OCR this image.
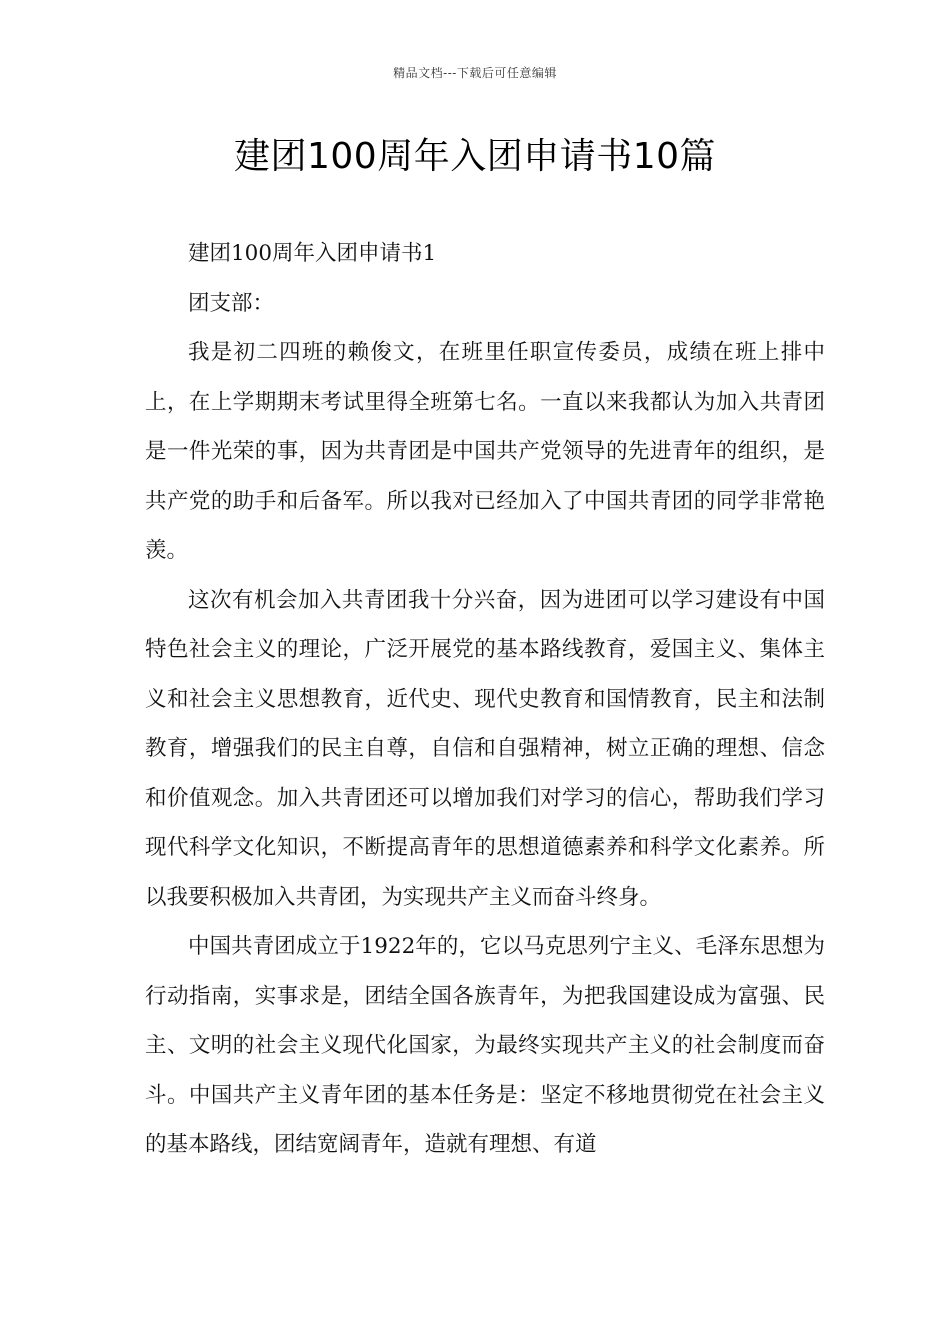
精品文档---下载后可任意编辑
建团100周年入团申请书10篇

建团100周年入团申请书1

团支部：

我是初二四班的赖俊文，在班里任职宣传委员，成绩在班上排中上，在上学期期末考试里得全班第七名。一直以来我都认为加入共青团是一件光荣的事，因为共青团是中国共产党领导的先进青年的组织，是共产党的助手和后备军。所以我对已经加入了中国共青团的同学非常艳羡。

这次有机会加入共青团我十分兴奋，因为进团可以学习建设有中国特色社会主义的理论，广泛开展党的基本路线教育，爱国主义、集体主义和社会主义思想教育，近代史、现代史教育和国情教育，民主和法制教育，增强我们的民主自尊，自信和自强精神，树立正确的理想、信念和价值观念。加入共青团还可以增加我们对学习的信心，帮助我们学习现代科学文化知识，不断提高青年的思想道德素养和科学文化素养。所以我要积极加入共青团，为实现共产主义而奋斗终身。

中国共青团成立于1922年的，它以马克思列宁主义、毛泽东思想为行动指南，实事求是，团结全国各族青年，为把我国建设成为富强、民主、文明的社会主义现代化国家，为最终实现共产主义的社会制度而奋斗。中国共产主义青年团的基本任务是：坚定不移地贯彻党在社会主义的基本路线，团结宽阔青年，造就有理想、有道
